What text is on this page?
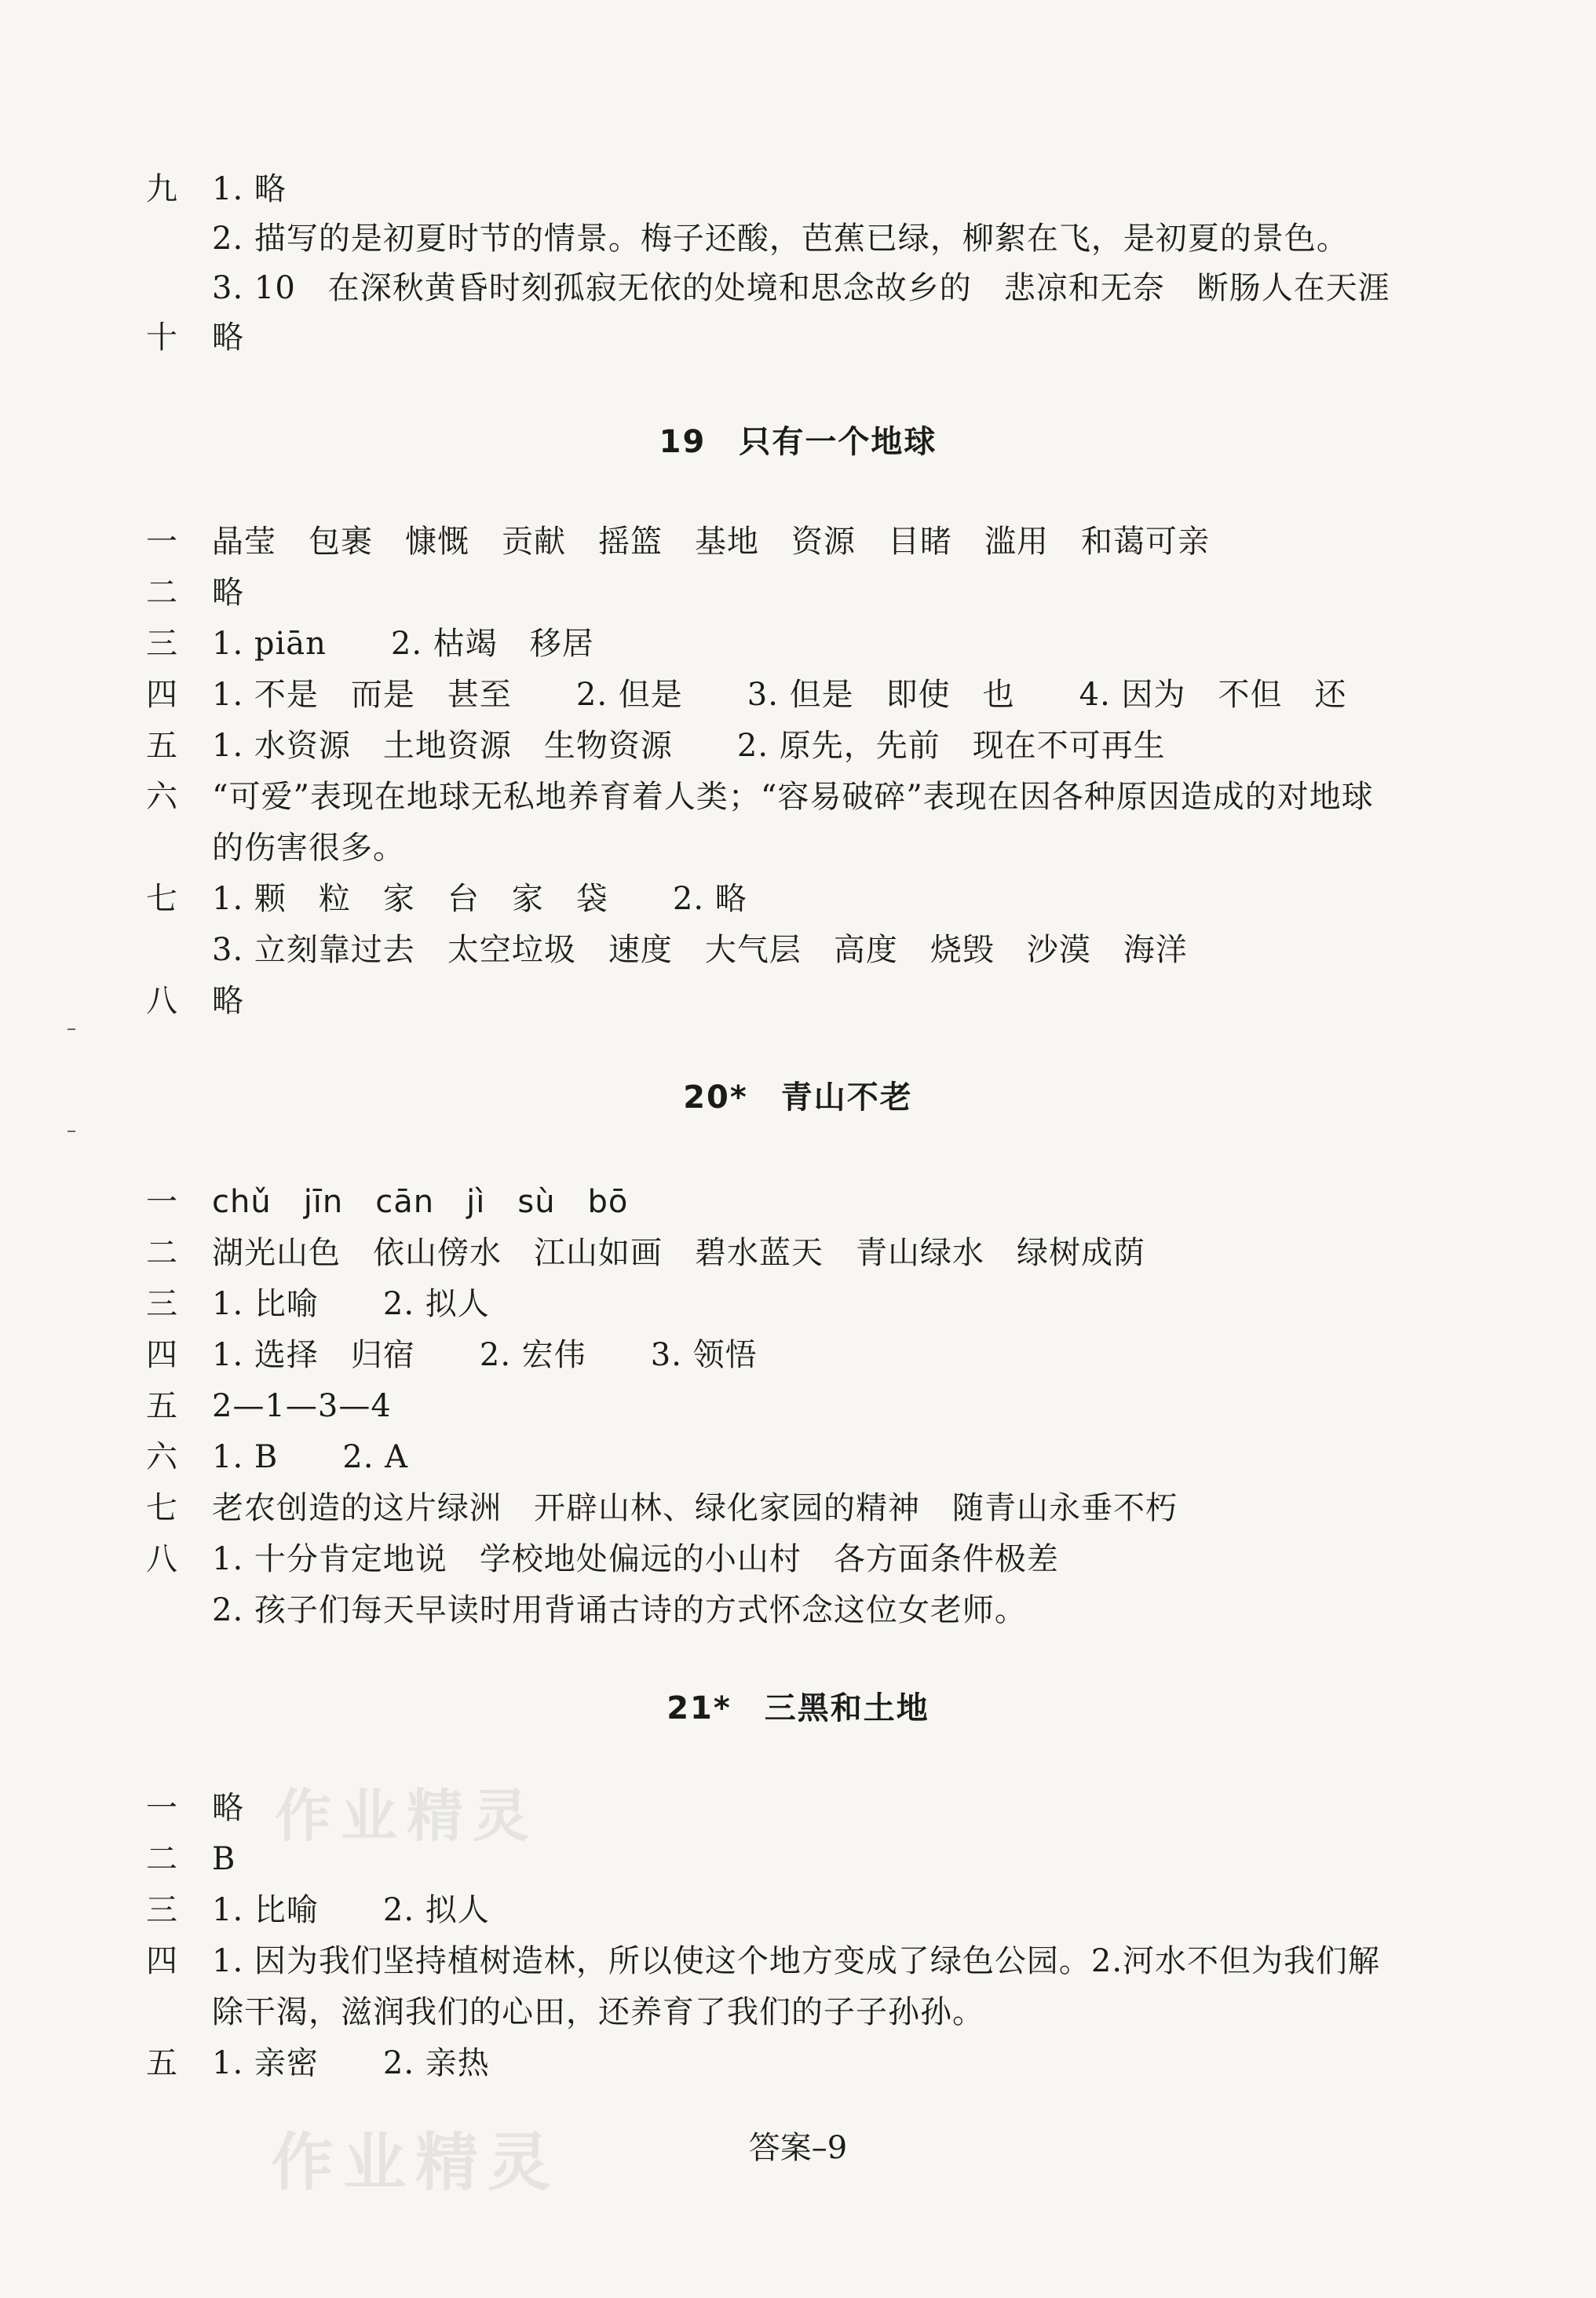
九 1. 略
2. 描写的是初夏时节的情景。梅子还酸，芭蕉已绿，柳絮在飞，是初夏的景色。
3. 10　在深秋黄昏时刻孤寂无依的处境和思念故乡的　悲凉和无奈　断肠人在天涯
十 略
19　只有一个地球
一 晶莹　包裹　慷慨　贡献　摇篮　基地　资源　目睹　滥用　和蔼可亲
二 略
三 1. piān　　2. 枯竭　移居
四 1. 不是　而是　甚至　　2. 但是　　3. 但是　即使　也　　4. 因为　不但　还
五 1. 水资源　土地资源　生物资源　　2. 原先，先前　现在不可再生
六 “可爱”表现在地球无私地养育着人类；“容易破碎”表现在因各种原因造成的对地球
的伤害很多。
七 1. 颗　粒　家　台　家　袋　　2. 略
3. 立刻靠过去　太空垃圾　速度　大气层　高度　烧毁　沙漠　海洋
八 略
20*　青山不老
一 chǔ　jīn　cān　jì　sù　bō
二 湖光山色　依山傍水　江山如画　碧水蓝天　青山绿水　绿树成荫
三 1. 比喻　　2. 拟人
四 1. 选择　归宿　　2. 宏伟　　3. 领悟
五 2—1—3—4
六 1. B　　2. A
七 老农创造的这片绿洲　开辟山林、绿化家园的精神　随青山永垂不朽
八 1. 十分肯定地说　学校地处偏远的小山村　各方面条件极差
2. 孩子们每天早读时用背诵古诗的方式怀念这位女老师。
21*　三黑和土地
作业精灵
一 略
二 B
三 1. 比喻　　2. 拟人
四 1. 因为我们坚持植树造林，所以使这个地方变成了绿色公园。2.河水不但为我们解
除干渴，滋润我们的心田，还养育了我们的子子孙孙。
五 1. 亲密　　2. 亲热
作业精灵	答案–9
